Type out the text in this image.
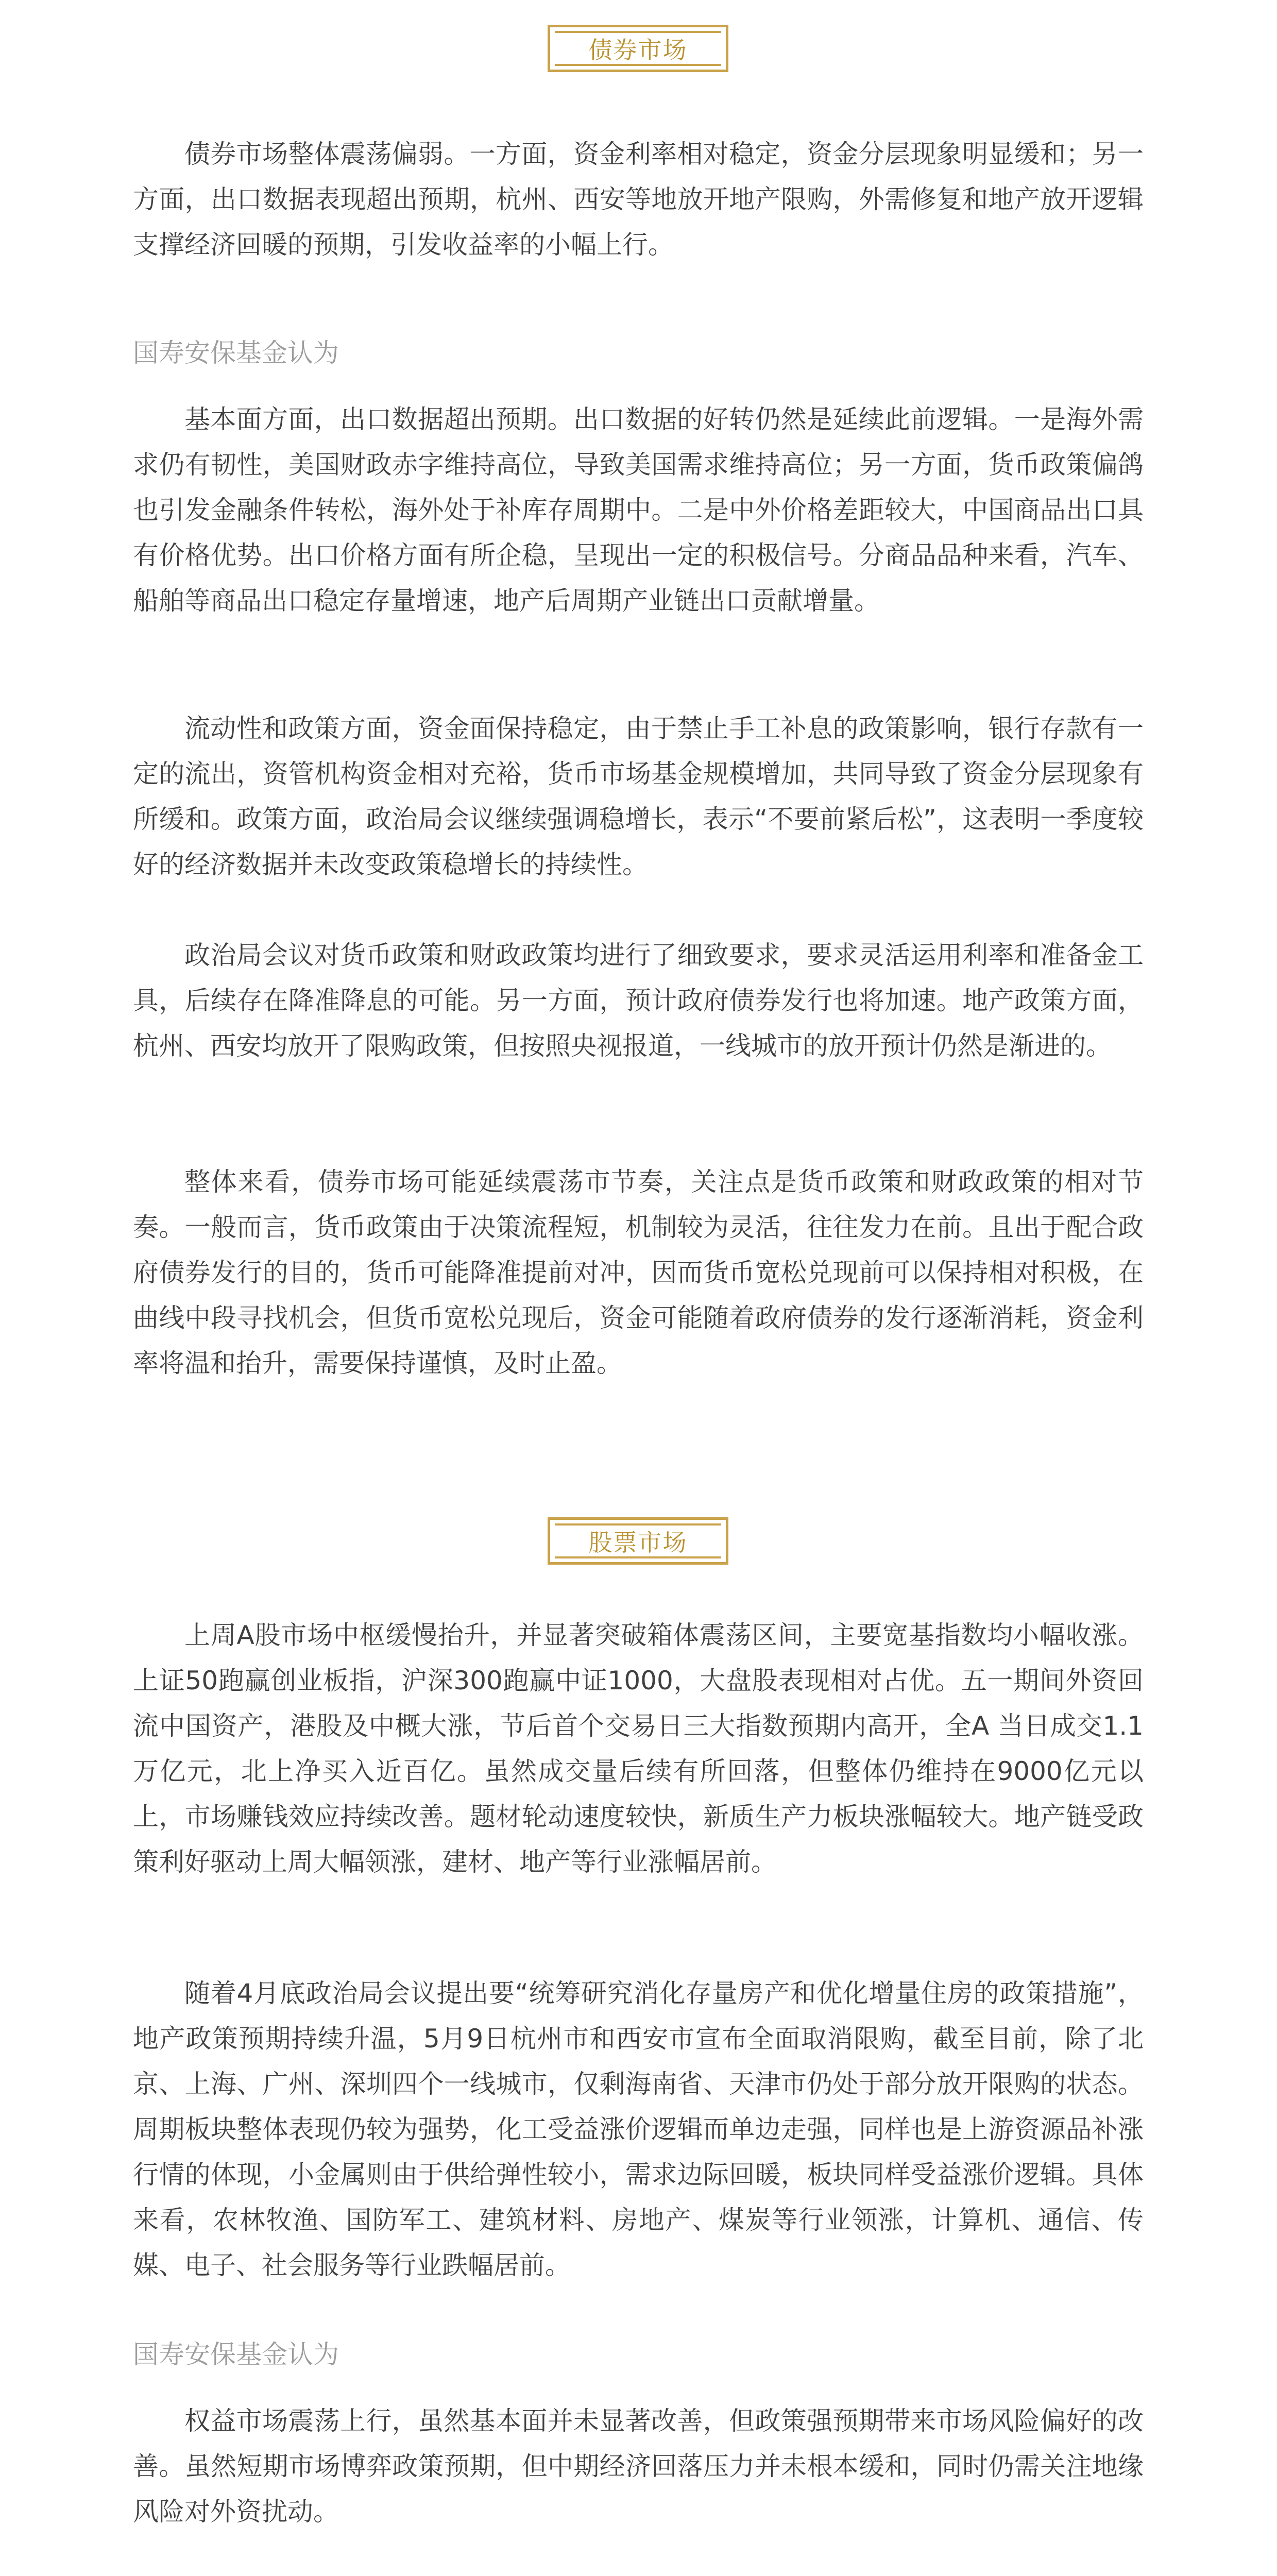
债券市场

债券市场整体震荡偏弱。一方面，资金利率相对稳定，资金分层现象明显缓和；另一方面，出口数据表现超出预期，杭州、西安等地放开地产限购，外需修复和地产放开逻辑支撑经济回暖的预期，引发收益率的小幅上行。

国寿安保基金认为

基本面方面，出口数据超出预期。出口数据的好转仍然是延续此前逻辑。一是海外需求仍有韧性，美国财政赤字维持高位，导致美国需求维持高位；另一方面，货币政策偏鸽也引发金融条件转松，海外处于补库存周期中。二是中外价格差距较大，中国商品出口具有价格优势。出口价格方面有所企稳，呈现出一定的积极信号。分商品品种来看，汽车、船舶等商品出口稳定存量增速，地产后周期产业链出口贡献增量。

流动性和政策方面，资金面保持稳定，由于禁止手工补息的政策影响，银行存款有一定的流出，资管机构资金相对充裕，货币市场基金规模增加，共同导致了资金分层现象有所缓和。政策方面，政治局会议继续强调稳增长，表示“不要前紧后松”，这表明一季度较好的经济数据并未改变政策稳增长的持续性。

政治局会议对货币政策和财政政策均进行了细致要求，要求灵活运用利率和准备金工具，后续存在降准降息的可能。另一方面，预计政府债券发行也将加速。地产政策方面，杭州、西安均放开了限购政策，但按照央视报道，一线城市的放开预计仍然是渐进的。

整体来看，债券市场可能延续震荡市节奏，关注点是货币政策和财政政策的相对节奏。一般而言，货币政策由于决策流程短，机制较为灵活，往往发力在前。且出于配合政府债券发行的目的，货币可能降准提前对冲，因而货币宽松兑现前可以保持相对积极，在曲线中段寻找机会，但货币宽松兑现后，资金可能随着政府债券的发行逐渐消耗，资金利率将温和抬升，需要保持谨慎，及时止盈。

股票市场

上周A股市场中枢缓慢抬升，并显著突破箱体震荡区间，主要宽基指数均小幅收涨。上证50跑赢创业板指，沪深300跑赢中证1000，大盘股表现相对占优。五一期间外资回流中国资产，港股及中概大涨，节后首个交易日三大指数预期内高开，全A 当日成交1.1万亿元，北上净买入近百亿。虽然成交量后续有所回落，但整体仍维持在9000亿元以上，市场赚钱效应持续改善。题材轮动速度较快，新质生产力板块涨幅较大。地产链受政策利好驱动上周大幅领涨，建材、地产等行业涨幅居前。

随着4月底政治局会议提出要“统筹研究消化存量房产和优化增量住房的政策措施”，地产政策预期持续升温，5月9日杭州市和西安市宣布全面取消限购，截至目前，除了北京、上海、广州、深圳四个一线城市，仅剩海南省、天津市仍处于部分放开限购的状态。周期板块整体表现仍较为强势，化工受益涨价逻辑而单边走强，同样也是上游资源品补涨行情的体现，小金属则由于供给弹性较小，需求边际回暖，板块同样受益涨价逻辑。具体来看，农林牧渔、国防军工、建筑材料、房地产、煤炭等行业领涨，计算机、通信、传媒、电子、社会服务等行业跌幅居前。

国寿安保基金认为

权益市场震荡上行，虽然基本面并未显著改善，但政策强预期带来市场风险偏好的改善。虽然短期市场博弈政策预期，但中期经济回落压力并未根本缓和，同时仍需关注地缘风险对外资扰动。
